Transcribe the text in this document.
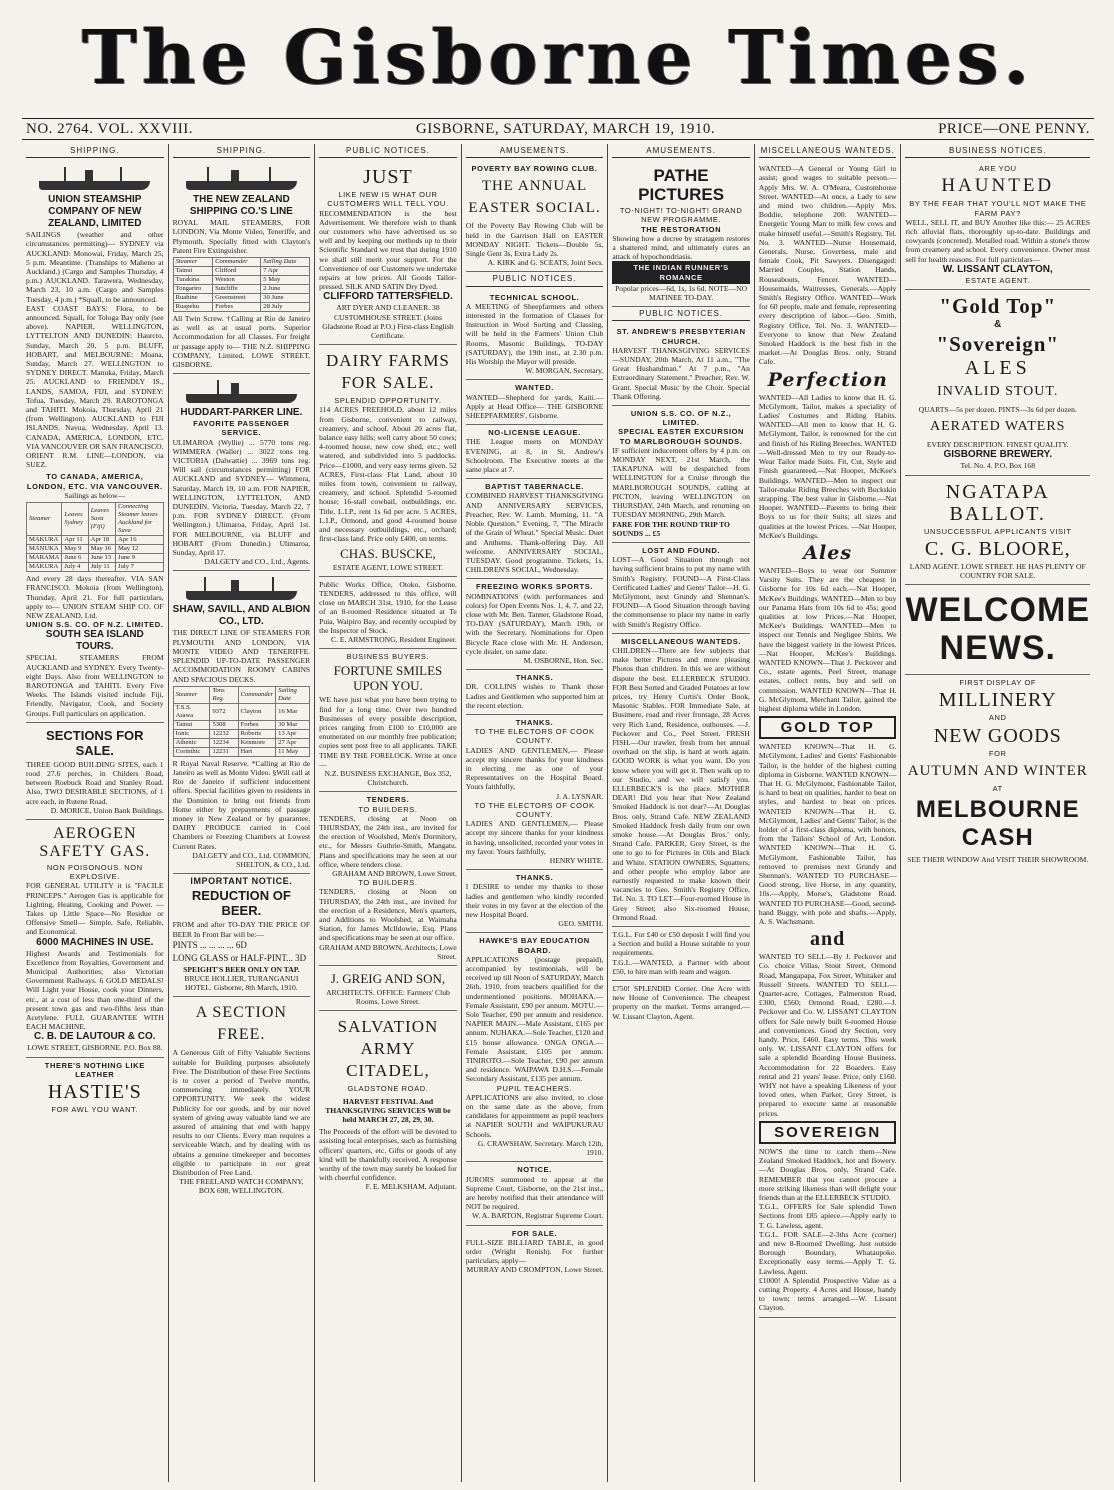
The Gisborne Times.
NO. 2764. VOL. XXVIII.	GISBORNE, SATURDAY, MARCH 19, 1910.	PRICE—ONE PENNY.
SHIPPING.
UNION STEAMSHIP COMPANY OF NEW ZEALAND, LIMITED

SAILINGS (weather and other circumstances permitting)— SYDNEY via AUCKLAND: Monowai, Friday, March 25, 5 p.m. Meantime. (Tranships to Maheno at Auckland.) (Cargo and Samples Thursday, 4 p.m.) AUCKLAND. Tarawera, Wednesday, March 23, 10 a.m. (Cargo and Samples Tuesday, 4 p.m.) *Squall, to be announced.

EAST COAST BAYS: Flora, to be announced. Squall, for Tologa Bay only (see above). NAPIER, WELLINGTON, LYTTELTON AND DUNEDIN: Haurcto, Sunday, March 20, 5 p.m. BLUFF, HOBART, and MELBOURNE: Moana, Sunday, March 27. WELLINGTON to SYDNEY DIRECT. Manuka, Friday, March 25. AUCKLAND to FRIENDLY IS., LANDS, SAMOA, FIJI, and SYDNEY: Tofua, Tuesday, March 29. RAROTONGA and TAHITI. Mokoia, Thursday, April 21 (from Wellington). AUCKLAND to FIJI ISLANDS. Navua, Wednesday, April 13. CANADA, AMERICA, LONDON, ETC. VIA VANCOUVER OR SAN FRANCISCO. ORIENT R.M. LINE—LONDON, via SUEZ.

TO CANADA, AMERICA, LONDON, ETC. VIA VANCOUVER.

Sailings as below—

Steamer	Leaves Sydney	Leaves Suva (Fiji)	Connecting Steamer leaves Auckland for Suva
MAKURA	Apr 11	Apr 18	Apr 16
MANUKA	May 9	May 16	May 12
MARAMA	June 6	June 13	June 9
MAKURA	July 4	July 11	July 7

And every 28 days thereafter. VIA SAN FRANCISCO. Mokoia (from Wellington), Thursday, April 21. For full particulars, apply to— UNION STEAM SHIP CO. OF NEW ZEALAND, Ltd.

UNION S.S. CO. OF N.Z. LIMITED.
SOUTH SEA ISLAND TOURS.

SPECIAL STEAMERS FROM AUCKLAND and SYDNEY. Every Twenty-eight Days. Also from WELLINGTON to RAROTONGA and TAHITI. Every Five Weeks. The Islands visited include Fiji, Friendly, Navigator, Cook, and Society Groups. Full particulars on application.

SECTIONS FOR SALE.

THREE GOOD BUILDING SITES, each 1 rood 27.6 perches, in Childers Road, between Roebuck Road and Stanley Road. Also, TWO DESIRABLE SECTIONS, of 1 acre each, in Rutene Road.

D. MORICE, Union Bank Buildings.

AEROGEN SAFETY GAS.
NON POISONOUS. NON EXPLOSIVE.

FOR GENERAL UTILITY it is "FACILE PRINCEPS." Aerogen Gas is applicable for Lighting, Heating, Cooking and Power. —Takes up Little Space—No Residue or Offensive Smell— Simple, Safe, Reliable, and Economical.

6000 MACHINES IN USE.

Highest Awards and Testimonials for Excellence from Royalties, Government and Municipal Authorities; also Victorian Government Railways. 6 GOLD MEDALS! Will Light your House, cook your Dinners, etc., at a cost of less than one-third of the present town gas and two-fifths less than Acetylene. FULL GUARANTEE WITH EACH MACHINE.

C. B. DE LAUTOUR & CO.

LOWE STREET, GISBORNE. P.O. Box 88.

THERE'S NOTHING LIKE LEATHER
HASTIE'S
FOR AWL YOU WANT.
SHIPPING.
THE NEW ZEALAND SHIPPING CO.'S LINE

ROYAL MAIL STEAMERS, FOR LONDON, Via Monte Video, Teneriffe, and Plymouth. Specially fitted with Clayton's Patent Fire Extinguisher.

Steamer	Commander	Sailing Date
Tainui	Clifford	7 Apr
Turakina	Weston	5 May
Tongariro	Sutcliffe	2 June
Ruahine	Greenstreet	30 June
Ruapehu	Forbes	28 July

All Twin Screw. †Calling at Rio de Janeiro as well as at usual ports. Superior Accommodation for all Classes. For freight or passage apply to— THE N.Z. SHIPPING COMPANY, Limited, LOWE STREET, GISBORNE.

HUDDART-PARKER LINE.
FAVORITE PASSENGER SERVICE.

ULIMAROA (Wyllie) ... 5770 tons reg. WIMMERA (Waller) ... 3022 tons reg. VICTORIA (Dalwattie) ... 3969 tons reg. Will sail (circumstances permitting) FOR AUCKLAND and SYDNEY— Wimmera, Saturday, March 19, 10 a.m. FOR NAPIER, WELLINGTON, LYTTELTON, AND DUNEDIN. Victoria, Tuesday, March 22, 7 p.m. FOR SYDNEY DIRECT. (From Wellington.) Ulimaroa, Friday, April 1st. FOR MELBOURNE, via BLUFF and HOBART (From Dunedin.) Ulimaroa, Sunday, April 17.

DALGETY and CO., Ltd., Agents.

SHAW, SAVILL, AND ALBION CO., LTD.

THE DIRECT LINE OF STEAMERS FOR PLYMOUTH AND LONDON, VIA MONTE VIDEO AND TENERIFFE. SPLENDID UP-TO-DATE PASSENGER ACCOMMODATION ROOMY CABINS AND SPACIOUS DECKS.

Steamer	Tons Reg.	Commander	Sailing Date
T.S.S. Arawa	9372	Clayton	16 Mar
Tainui	5308	Forbes	30 Mar
Ionic	12232	Roberts	13 Apr
Athenic	12234	Kenmore	27 Apr
Corinthic	12231	Hart	11 May

R Royal Naval Reserve. *Calling at Rio de Janeiro as well as Monte Video. §Will call at Rio de Janeiro if sufficient inducement offers. Special facilities given to residents in the Dominion to bring out friends from Home either by prepayments of passage money in New Zealand or by guarantee. DAIRY PRODUCE carried in Cool Chambers or Freezing Chambers at Lowest Current Rates.

DALGETY and CO., Ltd. COMMON, SHELTON, & CO., Ltd.

IMPORTANT NOTICE.
REDUCTION OF BEER.

FROM and after TO-DAY THE PRICE OF BEER In Front Bar will be:—

PINTS ... ... ... ... 6D

LONG GLASS or HALF-PINT... 3D

SPEIGHT'S BEER ONLY ON TAP.

BRUCE HOLLIER, TURANGANUI HOTEL. Gisborne, 8th March, 1910.

A SECTION FREE.

A Generous Gift of Fifty Valuable Sections suitable for Building purposes absolutely Free. The Distribution of these Free Sections is to cover a period of Twelve months, commencing immediately. YOUR OPPORTUNITY. We seek the widest Publicity for our goods, and by our novel system of giving away valuable land we are assured of attaining that end with happy results to our Clients. Every man requires a serviceable Watch, and by dealing with us obtains a genuine timekeeper and becomes eligible to participate in our great Distribution of Free Land.

THE FREELAND WATCH COMPANY, BOX 698, WELLINGTON.

PUBLIC NOTICES.
JUST
LIKE NEW IS WHAT OUR CUSTOMERS WILL TELL YOU.

RECOMMENDATION is the best Advertisement. We therefore wish to thank our customers who have advertised us so well and by keeping our methods up to their Scientific Standard we trust that during 1910 we shall still merit your support. For the Convenience of our Customers we undertake repairs at low prices. All Goods Tailor-pressed. SILK AND SATIN Dry Dyed.

CLIFFORD TATTERSFIELD.

ART DYER AND CLEANER. 38 CUSTOMHOUSE STREET. (Joins Gladstone Road at P.O.) First-class English Certificate.

DAIRY FARMS FOR SALE.
SPLENDID OPPORTUNITY.

114 ACRES FREEHOLD, about 12 miles from Gisborne, convenient to railway, creamery, and school. About 20 acres flat, balance easy hills; well carry about 50 cows; 4-roomed house, new cow shed, etc.; well watered, and subdivided into 5 paddocks. Price—£1000, and very easy terms given. 52 ACRES, First-class Flat Land, about 10 miles from town, convenient to railway, creamery, and school. Splendid 5-roomed house; 16-stall cowbail, outbuildings, etc. Title, L.I.P., rent 1s 6d per acre. 5 ACRES, L.I.P., Ormond, and good 4-roomed house and necessary outbuildings, etc., orchard; first-class land. Price only £400, on terms.

CHAS. BUSCKE,

ESTATE AGENT, LOWE STREET.

Public Works Office, Otoko, Gisborne. TENDERS, addressed to this office, will close on MARCH 31st, 1910, for the Lease of an 8-roomed Residence situated at Te Puia, Waipiro Bay, and recently occupied by the Inspector of Stock.

C. E. ARMSTRONG, Resident Engineer.

BUSINESS BUYERS.
FORTUNE SMILES UPON YOU.

WE have just what you have been trying to find for a long time. Over two hundred Businesses of every possible description, prices ranging from £100 to £10,000 are enumerated on our monthly free publication; copies sent post free to all applicants. TAKE TIME BY THE FORELOCK. Write at once—

N.Z. BUSINESS EXCHANGE, Box 352, Christchurch.

TENDERS.
TO BUILDERS.

TENDERS, closing at Noon on THURSDAY, the 24th inst., are invited for the erection of Woolshed, Men's Dormitory, etc., for Messrs Guthrie-Smith, Mangatu. Plans and specifications may be seen at our office, where tenders close.

GRAHAM AND BROWN, Lowe Street.

TO BUILDERS.

TENDERS, closing at Noon on THURSDAY, the 24th inst., are invited for the erection of a Residence, Men's quarters, and Additions to Woolshed, at Waimaha Station, for James McIldowie, Esq. Plans and specifications may be seen at our office.

GRAHAM AND BROWN, Architects, Lowe Street.

J. GREIG AND SON,

ARCHITECTS. OFFICE: Farmers' Club Rooms, Lowe Street.

SALVATION ARMY CITADEL,
GLADSTONE ROAD.

HARVEST FESTIVAL And THANKSGIVING SERVICES Will be held MARCH 27, 28, 29, 30.

The Proceeds of the effort will be devoted to assisting local enterprises, such as furnishing officers' quarters, etc. Gifts or goods of any kind will be thankfully received. A response worthy of the town may surely be looked for with cheerful confidence.

F. E. MELKSHAM, Adjutant.

AMUSEMENTS.
POVERTY BAY ROWING CLUB.
THE ANNUAL EASTER SOCIAL.

Of the Poverty Bay Rowing Club will be held in the Garrison Hall on EASTER MONDAY NIGHT. Tickets—Double 5s, Single Gent 3s, Extra Lady 2s.

A. KIRK and G. SCEATS, Joint Secs.

PUBLIC NOTICES.
TECHNICAL SCHOOL.

A MEETING of Sheepfarmers and others interested in the formation of Classes for Instruction in Wool Sorting and Classing, will be held in the Farmers' Union Club Rooms, Masonic Buildings, TO-DAY (SATURDAY), the 19th inst., at 2.30 p.m. His Worship the Mayor will preside.

W. MORGAN, Secretary.

WANTED.

WANTED—Shepherd for yards, Kaiti.—Apply at Head Office— THE GISBORNE SHEEPFARMERS', Gisborne.

NO-LICENSE LEAGUE.

THE League meets on MONDAY EVENING, at 8, in St. Andrew's Schoolroom. The Executive meets at the same place at 7.

BAPTIST TABERNACLE.

COMBINED HARVEST THANKSGIVING AND ANNIVERSARY SERVICES, Preacher, Rev. W. Lamb. Morning, 11. "A Noble Question." Evening, 7, "The Miracle of the Grain of Wheat." Special Music. Duet and Anthems. Thank-offering Day. All welcome. ANNIVERSARY SOCIAL, TUESDAY. Good programme. Tickets, 1s. CHILDREN'S SOCIAL, Wednesday.

FREEZING WORKS SPORTS.

NOMINATIONS (with performances and colors) for Open Events Nos. 1, 4, 7, and 22, close with Mr. Ben. Tanner, Gladstone Road, TO-DAY (SATURDAY), March 19th, or with the Secretary. Nominations for Open Bicycle Race close with Mr. H. Anderson, cycle dealer, on same date.

M. OSBORNE, Hon. Sec.

THANKS.

DR. COLLINS wishes to Thank those Ladies and Gentlemen who supported him at the recent election.

THANKS.
TO THE ELECTORS OF COOK COUNTY.

LADIES AND GENTLEMEN,— Please accept my sincere thanks for your kindness in electing me as one of your Representatives on the Hospital Board. Yours faithfully,

J. A. LYSNAR.

TO THE ELECTORS OF COOK COUNTY.

LADIES AND GENTLEMEN,— Please accept my sincere thanks for your kindness in having, unsolicited, recorded your votes in my favor. Yours faithfully,

HENRY WHITE.

THANKS.

I DESIRE to tender my thanks to those ladies and gentlemen who kindly recorded their votes in my favor at the election of the new Hospital Board.

GEO. SMITH.

HAWKE'S BAY EDUCATION BOARD.

APPLICATIONS (postage prepaid), accompanied by testimonials, will be received up till Noon of SATURDAY, March 26th, 1910, from teachers qualified for the undermentioned positions. MOHAKA.—Female Assistant, £90 per annum. MOTU.—Sole Teacher, £90 per annum and residence. NAPIER MAIN.—Male Assistant, £165 per annum. NUHAKA.—Sole Teacher, £120 and £15 house allowance. ONGA ONGA.—Female Assistant, £105 per annum. TINIROTO.—Sole Teacher, £90 per annum and residence. WAIPAWA D.H.S.—Female Secondary Assistant, £135 per annum.

PUPIL TEACHERS.

APPLICATIONS are also invited, to close on the same date as the above, from candidates for appointment as pupil teachers at NAPIER SOUTH and WAIPUKURAU Schools.

G. CRAWSHAW, Secretary. March 12th, 1910.

NOTICE.

JURORS summoned to appear at the Supreme Court, Gisborne, on the 21st inst., are hereby notified that their attendance will NOT be required.

W. A. BARTON, Registrar Supreme Court.

FOR SALE.

FULL-SIZE BILLIARD TABLE, in good order (Wright Renish). For further particulars, apply—

MURRAY AND CROMPTON, Lowe Street.

AMUSEMENTS.
PATHE PICTURES
TO-NIGHT! TO-NIGHT! GRAND NEW PROGRAMME.
THE RESTORATION

Showing how a decree by stratagem restores a shattered mind, and ultimately cures an attack of hypochondriasis.

THE INDIAN RUNNER'S ROMANCE

Popular prices—6d, 1s, 1s 6d. NOTE—NO MATINEE TO-DAY.

PUBLIC NOTICES.
ST. ANDREW'S PRESBYTERIAN CHURCH.

HARVEST THANKSGIVING SERVICES—SUNDAY, 20th March, At 11 a.m., "The Great Husbandman." At 7 p.m., "An Extraordinary Statement." Preacher, Rev. W. Grant. Special Music by the Choir. Special Thank Offering.

UNION S.S. CO. OF N.Z., LIMITED.
SPECIAL EASTER EXCURSION TO MARLBOROUGH SOUNDS.

IF sufficient inducement offers by 4 p.m. on MONDAY NEXT, 21st March, the TAKAPUNA will be despatched from WELLINGTON for a Cruise through the MARLBOROUGH SOUNDS, calling at PICTON, leaving WELLINGTON on THURSDAY, 24th March, and returning on TUESDAY MORNING, 29th March.

FARE FOR THE ROUND TRIP TO SOUNDS ... £5

LOST AND FOUND.

LOST—A Good Situation through not having sufficient brains to put my name with Smith's Registry. FOUND—A First-Class Certificated Ladies' and Gents' Tailor—H. G. McGlymont, next Grundy and Shennan's. FOUND—A Good Situation through having the commonsense to place my name in early with Smith's Registry Office.

MISCELLANEOUS WANTEDS.

CHILDREN—There are few subjects that make better Pictures and more pleasing Photos than children. In this we are without dispute the best. ELLERBECK STUDIO. FOR Best Sorted and Graded Potatoes at low prices, try Henry Curtis's Order Book, Masonic Stables. FOR Immediate Sale, at Busimere, road and river frontage, 28 Acres very Rich Land, Residence, outhouses. —J. Peckover and Co., Peel Street. FRESH FISH.—Our trawler, fresh from her annual overhaul on the slip, is hard at work again. GOOD WORK is what you want. Do you know where you will get it. Then walk up to our Studio, and we will satisfy you. ELLERBECK'S is the place. MOTHER DEAR! Did you hear that New Zealand Smoked Haddock is not dear?—At Douglas Bros. only, Strand Cafe. NEW ZEALAND Smoked Haddock fresh daily from our own smoke house.—At Douglas Bros.' only, Strand Cafe. PARKER, Grey Street, is the one to go to for Pictures in Oils and Black and White. STATION OWNERS, Squatters, and other people who employ labor are earnestly requested to make known their vacancies to Geo. Smith's Registry Office, Tel. No. 3. TO LET—Four-roomed House in Grey Street; also Six-roomed House, Ormond Road.

T.G.L. For £40 or £50 deposit I will find you a Section and build a House suitable to your requirements.

T.G.L.—WANTED, a Partner with about £50, to hire man with team and wagon.

£750! SPLENDID Corner. One Acre with new House of Convenience. The cheapest property on the market. Terms arranged.—W. Lissant Clayton, Agent.

MISCELLANEOUS WANTEDS.

WANTED—A General or Young Girl to assist; good wages to suitable person.—Apply Mrs. W. A. O'Meara, Customhouse Street. WANTED—At once, a Lady to sew and mind two children.—Apply Mrs. Boddie, telephone 200. WANTED—Energetic Young Man to milk few cows and make himself useful.—Smith's Registry, Tel. No. 3. WANTED—Nurse Housemaid, Generals, Nurse, Governess, male and female Cook, Pit Sawyers. Disengaged: Married Couples, Station Hands, Rouseabouts, Fencer. WANTED—Housemaids, Waitresses, Generals.—Apply Smith's Registry Office. WANTED—Work for 60 people, male and female, representing every description of labor.—Geo. Smith, Registry Office, Tel. No. 3. WANTED—Everyone to know that New Zealand Smoked Haddock is the best fish in the market.—At Douglas Bros. only, Strand Cafe.

Perfection

WANTED—All Ladies to know that H. G. McGlymont, Tailor, makes a speciality of Ladies' Costumes and Riding Habits. WANTED—All men to know that H. G. McGlymont, Tailor, is renowned for the cut and finish of his Riding Breeches. WANTED—Well-dressed Men to try our Ready-to-Wear Tailor made Suits. Fit, Cut, Style and Finish guaranteed.—Nat Hooper, McKee's Buildings. WANTED—Men to inspect our Tailor-make Riding Breeches with Buckskin strapping. The best value in Gisborne.—Nat Hooper. WANTED—Parents to bring their Boys to us for their Suits; all sizes and qualities at the lowest Prices. —Nat Hooper, McKee's Buildings.

Ales

WANTED—Boys to wear our Summer Varsity Suits. They are the cheapest in Gisborne for 10s 6d each.—Nat Hooper, McKee's Buildings. WANTED—Men to buy our Panama Hats from 10s 6d to 45s; good qualities at low Prices.—Nat Hooper, McKee's Buildings. WANTED—Men to inspect our Tennis and Negligee Shirts. We have the biggest variety in the lowest Prices.—Nat Hooper, McKee's Buildings. WANTED KNOWN—That J. Peckover and Co., estate agents, Peel Street, manage estates, collect rents, buy and sell on commission. WANTED KNOWN—That H. G. McGlymont, Merchant Tailor, gained the highest diploma while in London.

GOLD TOP

WANTED KNOWN—That H. G. McGlymont, Ladies' and Gents' Fashionable Tailor, is the holder of the highest cutting diploma in Gisborne. WANTED KNOWN—That H. G. McGlymont, Fashionable Tailor, is hard to beat on qualities, harder to beat on styles, and hardest to beat on prices. WANTED KNOWN—That H. G. McGlymont, Ladies' and Gents' Tailor, is the holder of a first-class diploma, with honors, from the Tailors' School of Art, London. WANTED KNOWN—That H. G. McGlymont, Fashionable Tailor, has removed to premises next Grundy and Shennan's. WANTED TO PURCHASE—Good strong, live Horse, in any quantity, 10s.—Apply, Morse's, Gladstone Road. WANTED TO PURCHASE—Good, second-hand Buggy, with pole and shafts.—Apply, A. S. Wachsmann.

and

WANTED TO SELL—By J. Peckover and Co. choice Villas, Stout Street, Ormond Road, Mangapapa, Fox Street, Whitaker and Russell Streets. WANTED TO SELL—Quarter-acre, Cottages, Palmerston Road, £300, £560; Ormond Road, £280.—J. Peckover and Co. W. LISSANT CLAYTON offers for Sale newly built 6-roomed House and conveniences. Good dry Section, very handy. Price, £460. Easy terms. This week only. W. LISSANT CLAYTON offers for sale a splendid Boarding House Business. Accommodation for 22 Boarders. Easy rental and 21 years' lease. Price, only £160. WHY not have a speaking Likeness of your loved ones, when Parker, Grey Street, is prepared to execute same at reasonable prices.

SOVEREIGN

NOW'S the time to catch them—New Zealand Smoked Haddock, hot and flowery.—At Douglas Bros. only, Strand Cafe. REMEMBER that you cannot procure a more striking likeness than will delight your friends than at the ELLERBECK STUDIO.

T.G.L. OFFERS for Sale splendid Town Sections from £85 apiece.—Apply early to T. G. Lawless, agent.

T.G.L. FOR SALE—2-3ths Acre (corner) and new 8-Roomed Dwelling. Just outside Borough Boundary, Whataupoko. Exceptionally easy terms.—Apply T. G. Lawless, Agent.

£1000! A Splendid Prospective Value as a cutting Property. 4 Acres and House, handy to town; terms arranged.—W. Lissant Clayton.

BUSINESS NOTICES.
ARE YOU
HAUNTED
BY THE FEAR THAT YOU'LL NOT MAKE THE FARM PAY?

WELL, SELL IT, and BUY Another like this:— 25 ACRES rich alluvial flats, thoroughly up-to-date. Buildings and cowyards (concreted). Metalled road. Within a stone's throw from creamery and school. Every convenience. Owner must sell for health reasons. For full particulars—

W. LISSANT CLAYTON,
ESTATE AGENT.
"Gold Top"
&
"Sovereign"
ALES
INVALID STOUT.

QUARTS—5s per dozen. PINTS—3s 6d per dozen.

AERATED WATERS

EVERY DESCRIPTION. FINEST QUALITY.

GISBORNE BREWERY.

Tel. No. 4. P.O. Box 168

NGATAPA BALLOT.
UNSUCCESSFUL APPLICANTS VISIT
C. G. BLOORE,

LAND AGENT. LOWE STREET. HE HAS PLENTY OF COUNTRY FOR SALE.

WELCOME NEWS.
FIRST DISPLAY OF
MILLINERY
AND
NEW GOODS
FOR
AUTUMN AND WINTER
AT
MELBOURNE CASH

SEE THEIR WINDOW And VISIT THEIR SHOWROOM.
